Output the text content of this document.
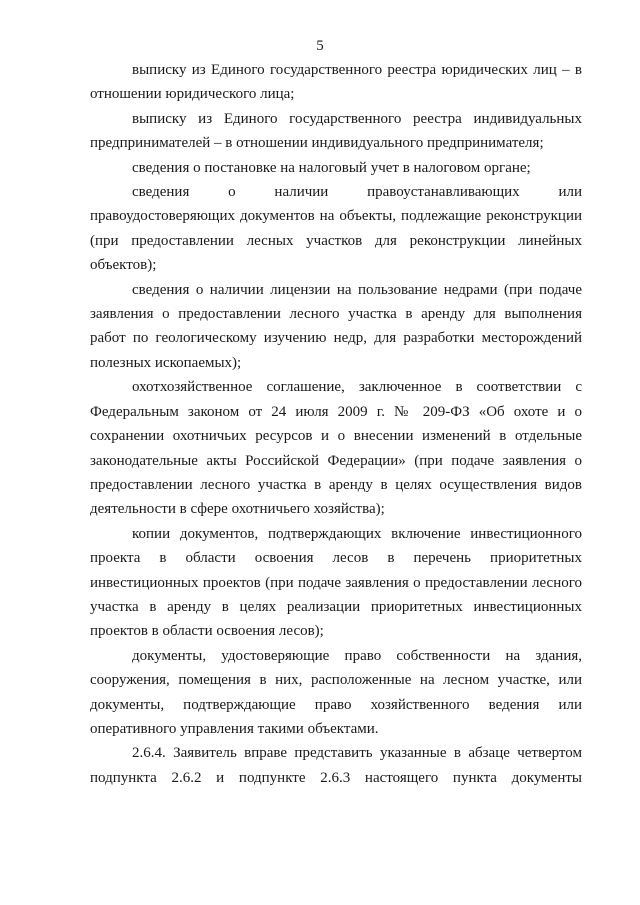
5

выписку из Единого государственного реестра юридических лиц – в отношении юридического лица;

выписку из Единого государственного реестра индивидуальных предпринимателей – в отношении индивидуального предпринимателя;

сведения о постановке на налоговый учет в налоговом органе;

сведения о наличии правоустанавливающих или правоудостоверяющих документов на объекты, подлежащие реконструкции (при предоставлении лесных участков для реконструкции линейных объектов);

сведения о наличии лицензии на пользование недрами (при подаче заявления о предоставлении лесного участка в аренду для выполнения работ по геологическому изучению недр, для разработки месторождений полезных ископаемых);

охотхозяйственное соглашение, заключенное в соответствии с Федеральным законом от 24 июля 2009 г. № 209-ФЗ «Об охоте и о сохранении охотничьих ресурсов и о внесении изменений в отдельные законодательные акты Российской Федерации» (при подаче заявления о предоставлении лесного участка в аренду в целях осуществления видов деятельности в сфере охотничьего хозяйства);

копии документов, подтверждающих включение инвестиционного проекта в области освоения лесов в перечень приоритетных инвестиционных проектов (при подаче заявления о предоставлении лесного участка в аренду в целях реализации приоритетных инвестиционных проектов в области освоения лесов);

документы, удостоверяющие право собственности на здания, сооружения, помещения в них, расположенные на лесном участке, или документы, подтверждающие право хозяйственного ведения или оперативного управления такими объектами.

2.6.4. Заявитель вправе представить указанные в абзаце четвертом
подпункта 2.6.2 и подпункте 2.6.3 настоящего пункта документы
